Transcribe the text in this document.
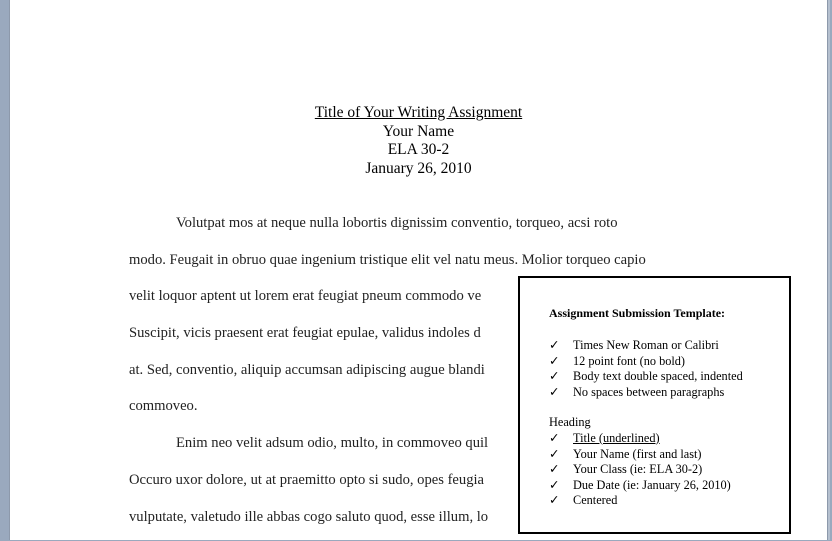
Title of Your Writing Assignment
Your Name
ELA 30-2
January 26, 2010
Volutpat mos at neque nulla lobortis dignissim conventio, torqueo, acsi roto
modo. Feugait in obruo quae ingenium tristique elit vel natu meus. Molior torqueo capio
velit loquor aptent ut lorem erat feugiat pneum commodo ve
Suscipit, vicis praesent erat feugiat epulae, validus indoles d
at. Sed, conventio, aliquip accumsan adipiscing augue blandi
commoveo.
Enim neo velit adsum odio, multo, in commoveo quil
Occuro uxor dolore, ut at praemitto opto si sudo, opes feugia
vulputate, valetudo ille abbas cogo saluto quod, esse illum, lo
Assignment Submission Template:
✓ Times New Roman or Calibri
✓ 12 point font (no bold)
✓ Body text double spaced, indented
✓ No spaces between paragraphs
Heading
✓ Title (underlined)
✓ Your Name (first and last)
✓ Your Class (ie: ELA 30-2)
✓ Due Date (ie: January 26, 2010)
✓ Centered
